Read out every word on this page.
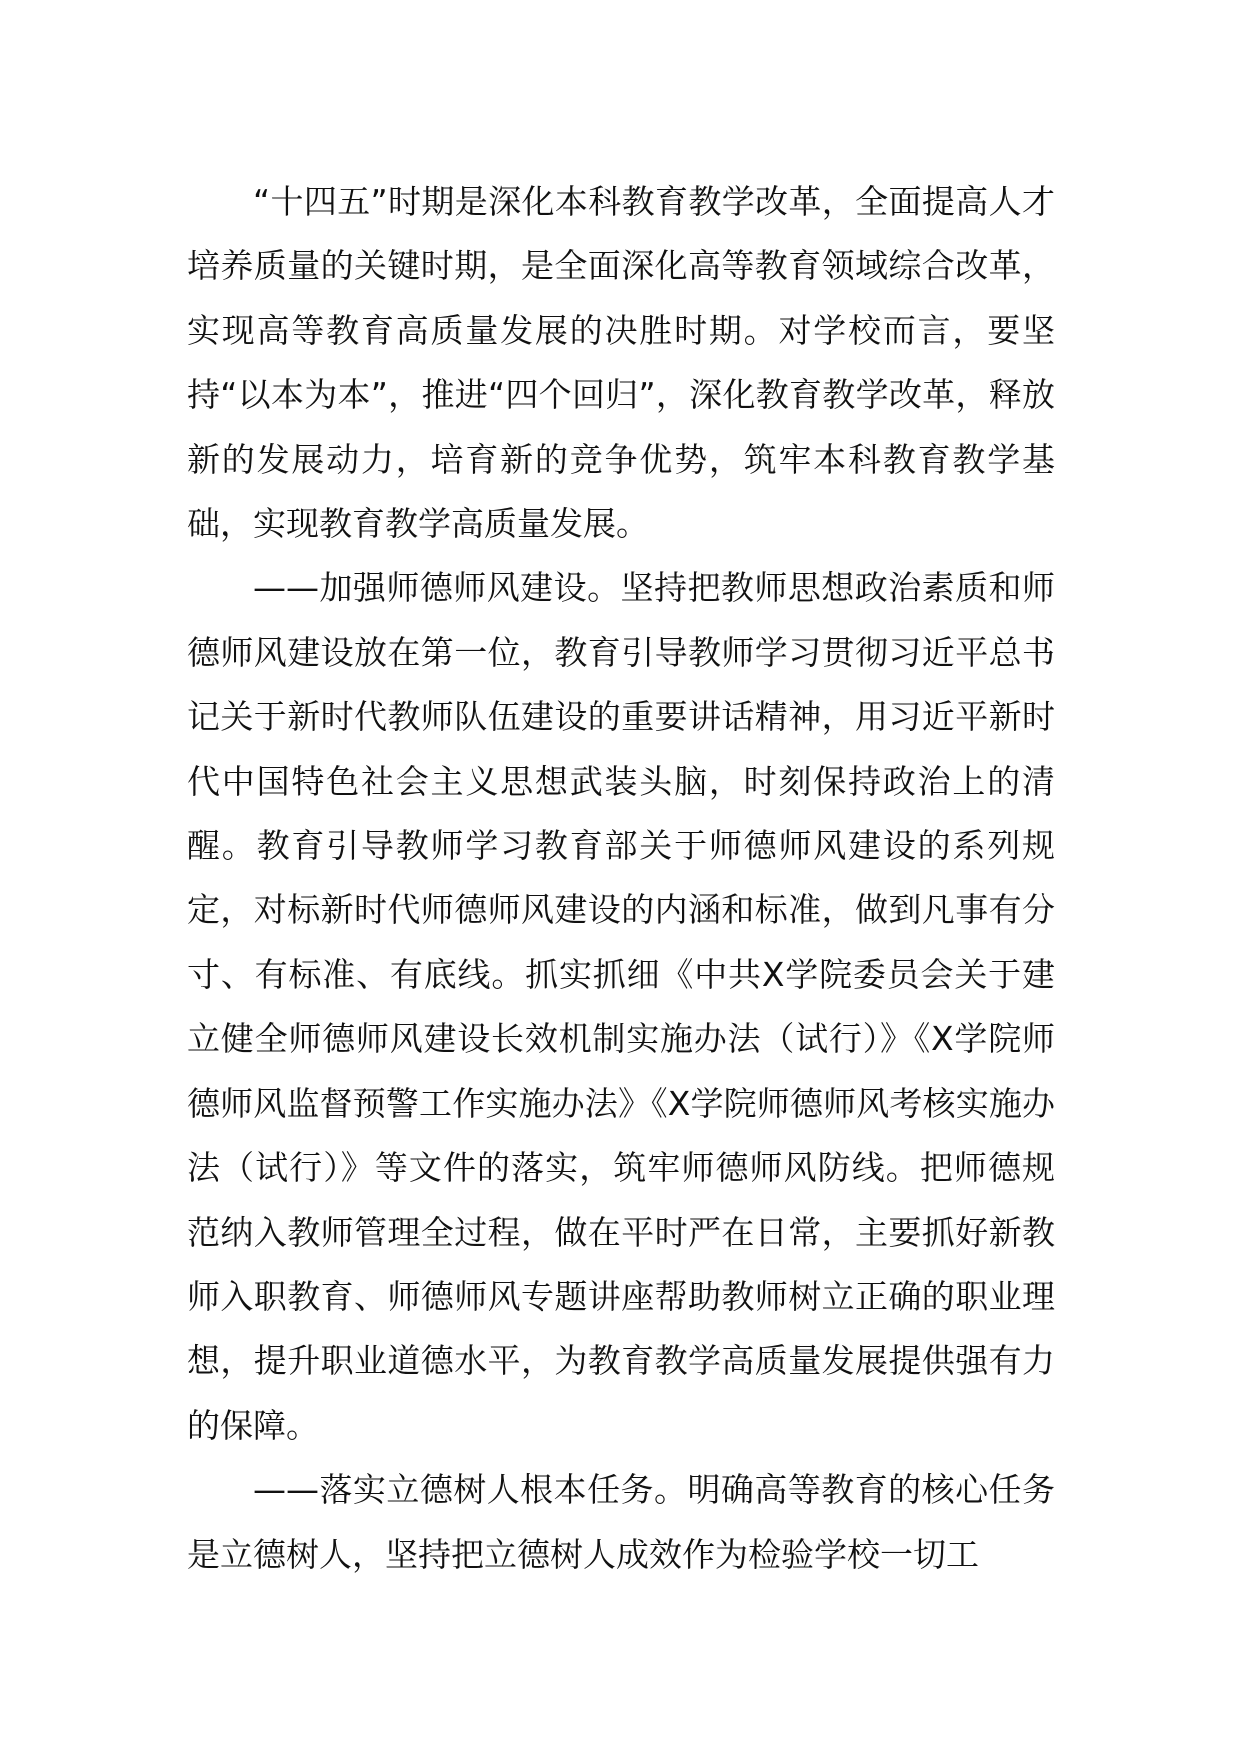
“十四五”时期是深化本科教育教学改革，全面提高人才培养质量的关键时期，是全面深化高等教育领域综合改革，实现高等教育高质量发展的决胜时期。对学校而言，要坚持“以本为本”，推进“四个回归”，深化教育教学改革，释放新的发展动力，培育新的竞争优势，筑牢本科教育教学基础，实现教育教学高质量发展。

——加强师德师风建设。坚持把教师思想政治素质和师德师风建设放在第一位，教育引导教师学习贯彻习近平总书记关于新时代教师队伍建设的重要讲话精神，用习近平新时代中国特色社会主义思想武装头脑，时刻保持政治上的清醒。教育引导教师学习教育部关于师德师风建设的系列规定，对标新时代师德师风建设的内涵和标准，做到凡事有分寸、有标准、有底线。抓实抓细《中共X学院委员会关于建立健全师德师风建设长效机制实施办法（试行）》《X学院师德师风监督预警工作实施办法》《X学院师德师风考核实施办法（试行）》等文件的落实，筑牢师德师风防线。把师德规范纳入教师管理全过程，做在平时严在日常，主要抓好新教师入职教育、师德师风专题讲座帮助教师树立正确的职业理想，提升职业道德水平，为教育教学高质量发展提供强有力的保障。

——落实立德树人根本任务。明确高等教育的核心任务是立德树人，坚持把立德树人成效作为检验学校一切工
